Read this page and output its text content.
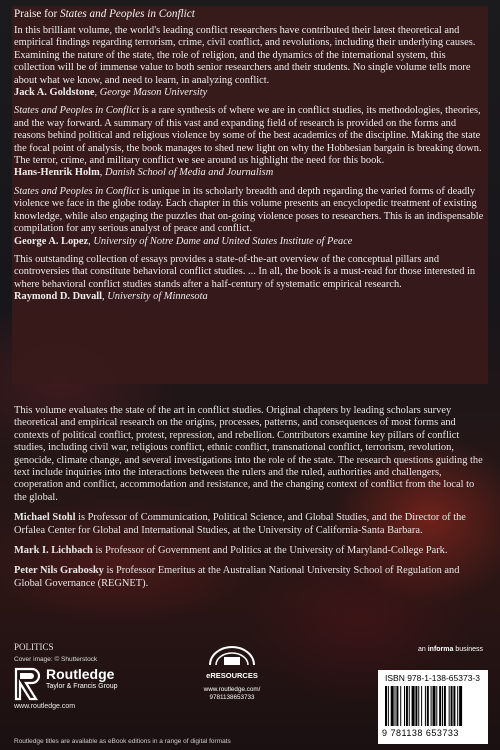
Praise for States and Peoples in Conflict

In this brilliant volume, the world's leading conflict researchers have contributed their latest theoretical and empirical findings regarding terrorism, crime, civil conflict, and revolutions, including their underlying causes. Examining the nature of the state, the role of religion, and the dynamics of the international system, this collection will be of immense value to both senior researchers and their students. No single volume tells more about what we know, and need to learn, in analyzing conflict.

Jack A. Goldstone, George Mason University

States and Peoples in Conflict is a rare synthesis of where we are in conflict studies, its methodologies, theories, and the way forward. A summary of this vast and expanding field of research is provided on the forms and reasons behind political and religious violence by some of the best academics of the discipline. Making the state the focal point of analysis, the book manages to shed new light on why the Hobbesian bargain is breaking down. The terror, crime, and military conflict we see around us highlight the need for this book.

Hans-Henrik Holm, Danish School of Media and Journalism

States and Peoples in Conflict is unique in its scholarly breadth and depth regarding the varied forms of deadly violence we face in the globe today. Each chapter in this volume presents an encyclopedic treatment of existing knowledge, while also engaging the puzzles that on-going violence poses to researchers. This is an indispensable compilation for any serious analyst of peace and conflict.

George A. Lopez, University of Notre Dame and United States Institute of Peace

This outstanding collection of essays provides a state-of-the-art overview of the conceptual pillars and controversies that constitute behavioral conflict studies. ... In all, the book is a must-read for those interested in where behavioral conflict studies stands after a half-century of systematic empirical research.

Raymond D. Duvall, University of Minnesota

This volume evaluates the state of the art in conflict studies. Original chapters by leading scholars survey theoretical and empirical research on the origins, processes, patterns, and consequences of most forms and contexts of political conflict, protest, repression, and rebellion. Contributors examine key pillars of conflict studies, including civil war, religious conflict, ethnic conflict, transnational conflict, terrorism, revolution, genocide, climate change, and several investigations into the role of the state. The research questions guiding the text include inquiries into the interactions between the rulers and the ruled, authorities and challengers, cooperation and conflict, accommodation and resistance, and the changing context of conflict from the local to the global.

Michael Stohl is Professor of Communication, Political Science, and Global Studies, and the Director of the Orfalea Center for Global and International Studies, at the University of California-Santa Barbara.

Mark I. Lichbach is Professor of Government and Politics at the University of Maryland-College Park.

Peter Nils Grabosky is Professor Emeritus at the Australian National University School of Regulation and Global Governance (REGNET).

POLITICS
Cover image: © Shutterstock
Routledge
Taylor & Francis Group
www.routledge.com
eRESOURCES
www.routledge.com/
9781138653733
an informa business
ISBN 978-1-138-65373-3
9 781138 653733
Routledge titles are available as eBook editions in a range of digital formats
